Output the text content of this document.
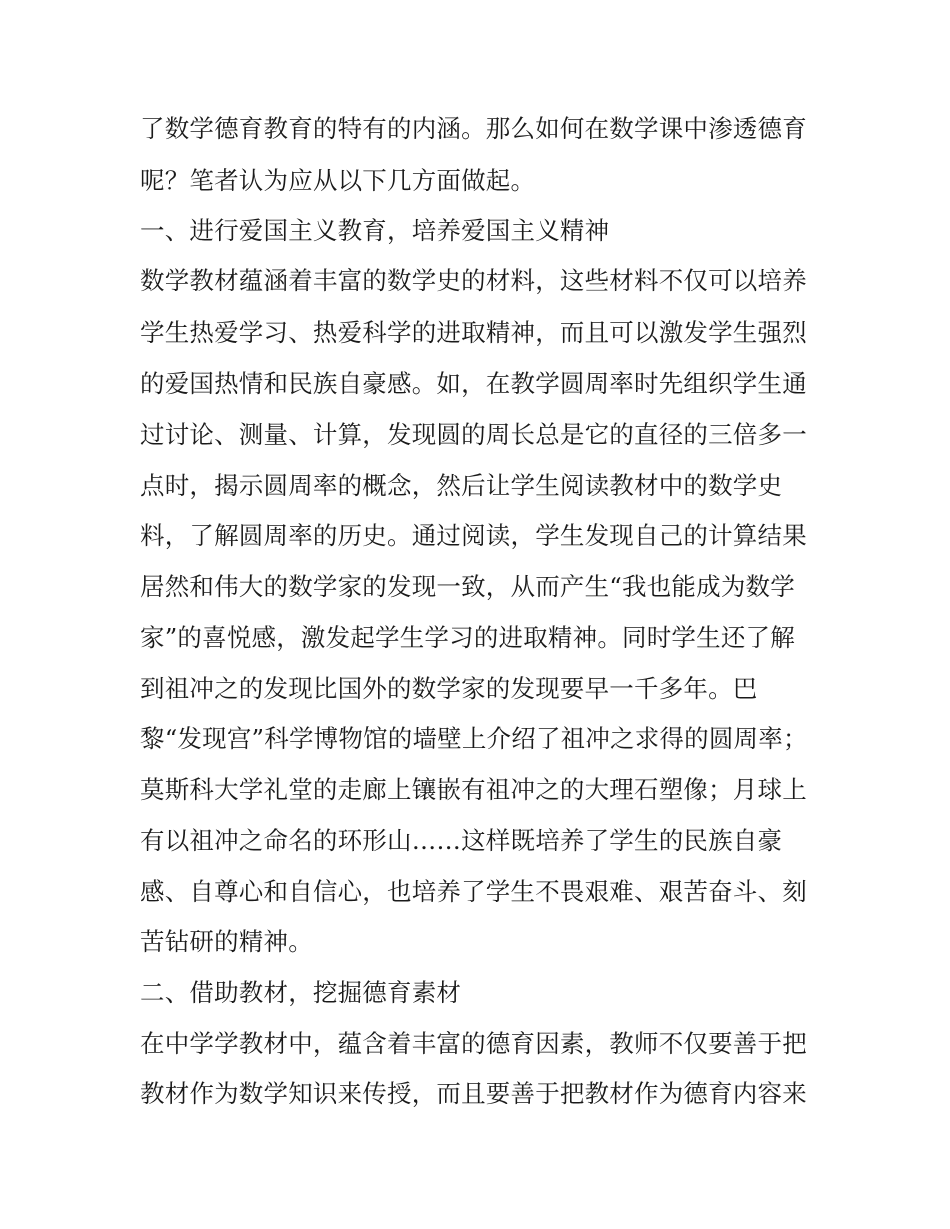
了数学德育教育的特有的内涵。那么如何在数学课中渗透德育
呢？笔者认为应从以下几方面做起。
一、进行爱国主义教育，培养爱国主义精神
数学教材蕴涵着丰富的数学史的材料，这些材料不仅可以培养
学生热爱学习、热爱科学的进取精神，而且可以激发学生强烈
的爱国热情和民族自豪感。如，在教学圆周率时先组织学生通
过讨论、测量、计算，发现圆的周长总是它的直径的三倍多一
点时，揭示圆周率的概念，然后让学生阅读教材中的数学史
料，了解圆周率的历史。通过阅读，学生发现自己的计算结果
居然和伟大的数学家的发现一致，从而产生“我也能成为数学
家”的喜悦感，激发起学生学习的进取精神。同时学生还了解
到祖冲之的发现比国外的数学家的发现要早一千多年。巴
黎“发现宫”科学博物馆的墙壁上介绍了祖冲之求得的圆周率；
莫斯科大学礼堂的走廊上镶嵌有祖冲之的大理石塑像；月球上
有以祖冲之命名的环形山……这样既培养了学生的民族自豪
感、自尊心和自信心，也培养了学生不畏艰难、艰苦奋斗、刻
苦钻研的精神。
二、借助教材，挖掘德育素材
在中学学教材中，蕴含着丰富的德育因素，教师不仅要善于把
教材作为数学知识来传授，而且要善于把教材作为德育内容来
